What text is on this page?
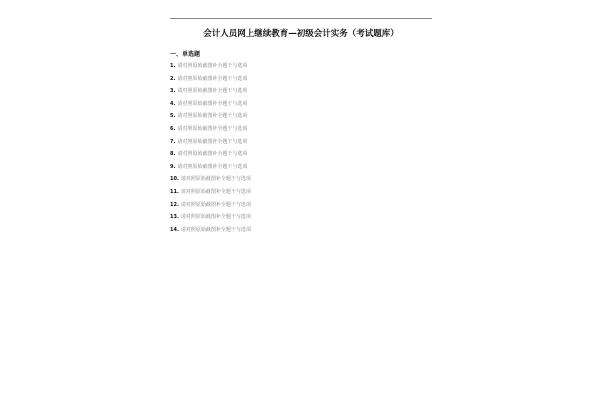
会计人员网上继续教育—初级会计实务（考试题库）
一、单选题
1. 请对照原始截图补全题干与选项
2. 请对照原始截图补全题干与选项
3. 请对照原始截图补全题干与选项
4. 请对照原始截图补全题干与选项
5. 请对照原始截图补全题干与选项
6. 请对照原始截图补全题干与选项
7. 请对照原始截图补全题干与选项
8. 请对照原始截图补全题干与选项
9. 请对照原始截图补全题干与选项
10. 请对照原始截图补全题干与选项
11. 请对照原始截图补全题干与选项
12. 请对照原始截图补全题干与选项
13. 请对照原始截图补全题干与选项
14. 请对照原始截图补全题干与选项
